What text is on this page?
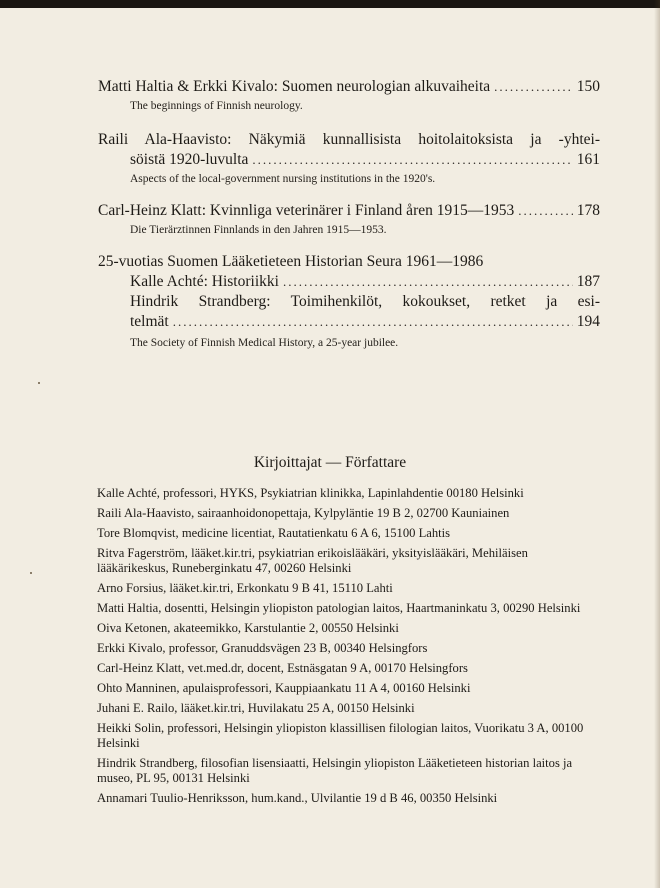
Matti Haltia & Erkki Kivalo: Suomen neurologian alkuvaiheita .....	150
The beginnings of Finnish neurology.
Raili Ala-Haavisto: Näkymiä kunnallisista hoitolaitoksista ja -yhtei-
söistä 1920-luvulta .....	161
Aspects of the local-government nursing institutions in the 1920's.
Carl-Heinz Klatt: Kvinnliga veterinärer i Finland åren 1915—1953 .....	178
Die Tierärztinnen Finnlands in den Jahren 1915—1953.
25-vuotias Suomen Lääketieteen Historian Seura 1961—1986
Kalle Achté: Historiikki .....	187
Hindrik Strandberg: Toimihenkilöt, kokoukset, retket ja esi-
telmät .....	194
The Society of Finnish Medical History, a 25-year jubilee.
Kirjoittajat — Författare
Kalle Achté, professori, HYKS, Psykiatrian klinikka, Lapinlahdentie 00180 Helsinki
Raili Ala-Haavisto, sairaanhoidonopettaja, Kylpyläntie 19 B 2, 02700 Kauniainen
Tore Blomqvist, medicine licentiat, Rautatienkatu 6 A 6, 15100 Lahtis
Ritva Fagerström, lääket.kir.tri, psykiatrian erikoislääkäri, yksityislääkäri, Mehiläisen lääkärikeskus, Runeberginkatu 47, 00260 Helsinki
Arno Forsius, lääket.kir.tri, Erkonkatu 9 B 41, 15110 Lahti
Matti Haltia, dosentti, Helsingin yliopiston patologian laitos, Haartmaninkatu 3, 00290 Helsinki
Oiva Ketonen, akateemikko, Karstulantie 2, 00550 Helsinki
Erkki Kivalo, professor, Granuddsvägen 23 B, 00340 Helsingfors
Carl-Heinz Klatt, vet.med.dr, docent, Estnäsgatan 9 A, 00170 Helsingfors
Ohto Manninen, apulaisprofessori, Kauppiaankatu 11 A 4, 00160 Helsinki
Juhani E. Railo, lääket.kir.tri, Huvilakatu 25 A, 00150 Helsinki
Heikki Solin, professori, Helsingin yliopiston klassillisen filologian laitos, Vuorikatu 3 A, 00100 Helsinki
Hindrik Strandberg, filosofian lisensiaatti, Helsingin yliopiston Lääketieteen historian laitos ja museo, PL 95, 00131 Helsinki
Annamari Tuulio-Henriksson, hum.kand., Ulvilantie 19 d B 46, 00350 Helsinki
